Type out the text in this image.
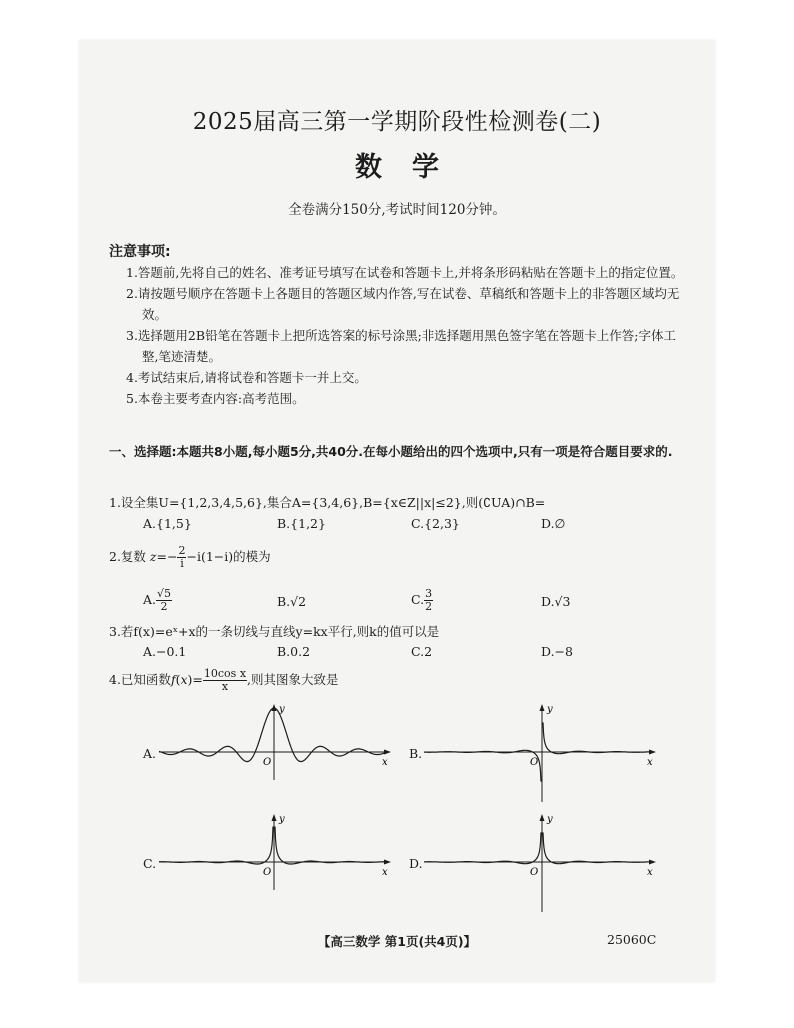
2025届高三第一学期阶段性检测卷(二)
数学
全卷满分150分,考试时间120分钟。
注意事项:
1.答题前,先将自己的姓名、准考证号填写在试卷和答题卡上,并将条形码粘贴在答题卡上的指定位置。
2.请按题号顺序在答题卡上各题目的答题区域内作答,写在试卷、草稿纸和答题卡上的非答题区域均无效。
3.选择题用2B铅笔在答题卡上把所选答案的标号涂黑;非选择题用黑色签字笔在答题卡上作答;字体工整,笔迹清楚。
4.考试结束后,请将试卷和答题卡一并上交。
5.本卷主要考查内容:高考范围。
一、选择题:本题共8小题,每小题5分,共40分.在每小题给出的四个选项中,只有一项是符合题目要求的.
1.设全集U={1,2,3,4,5,6},集合A={3,4,6},B={x∈Z||x|≤2},则(∁UA)∩B=
A.{1,5}	B.{1,2}	C.{2,3}	D.∅
2.复数 $z=- \frac{2}{i} -i(1-i)$的模为
A. $\frac{√5}{2}$	B.√2	C. $\frac{3}{2}$	D.√3
3.若f(x)=eˣ+x的一条切线与直线y=kx平行,则k的值可以是
A.−0.1	B.0.2	C.2	D.−8
4.已知函数$f(x)= \frac{\text{10cos x}}{x}$ ,则其图象大致是
A.	B.
C.	D.
y
x
O
y
x
O
y
x
O
y
x
O
【高三数学 第1页(共4页)】	25060C
